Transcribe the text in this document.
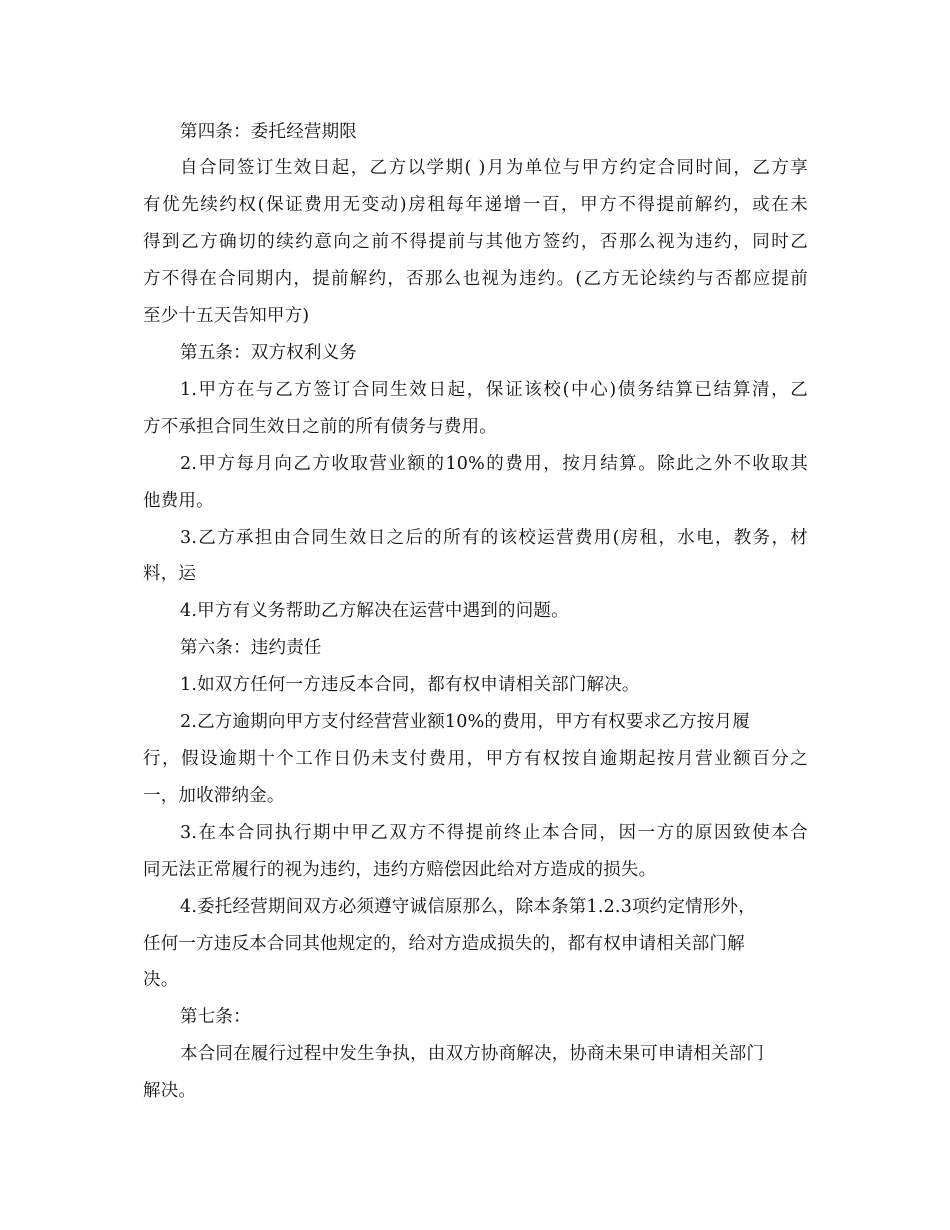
第四条：委托经营期限
自合同签订生效日起，乙方以学期( )月为单位与甲方约定合同时间，乙方享
有优先续约权(保证费用无变动)房租每年递增一百，甲方不得提前解约，或在未
得到乙方确切的续约意向之前不得提前与其他方签约，否那么视为违约，同时乙
方不得在合同期内，提前解约，否那么也视为违约。(乙方无论续约与否都应提前
至少十五天告知甲方)
第五条：双方权利义务
1.甲方在与乙方签订合同生效日起，保证该校(中心)债务结算已结算清，乙
方不承担合同生效日之前的所有债务与费用。
2.甲方每月向乙方收取营业额的10%的费用，按月结算。除此之外不收取其
他费用。
3.乙方承担由合同生效日之后的所有的该校运营费用(房租，水电，教务，材
料，运
4.甲方有义务帮助乙方解决在运营中遇到的问题。
第六条：违约责任
1.如双方任何一方违反本合同，都有权申请相关部门解决。
2.乙方逾期向甲方支付经营营业额10%的费用，甲方有权要求乙方按月履
行，假设逾期十个工作日仍未支付费用，甲方有权按自逾期起按月营业额百分之
一，加收滞纳金。
3.在本合同执行期中甲乙双方不得提前终止本合同，因一方的原因致使本合
同无法正常履行的视为违约，违约方赔偿因此给对方造成的损失。
4.委托经营期间双方必须遵守诚信原那么，除本条第1.2.3项约定情形外，
任何一方违反本合同其他规定的，给对方造成损失的，都有权申请相关部门解
决。
第七条：
本合同在履行过程中发生争执，由双方协商解决，协商未果可申请相关部门
解决。
